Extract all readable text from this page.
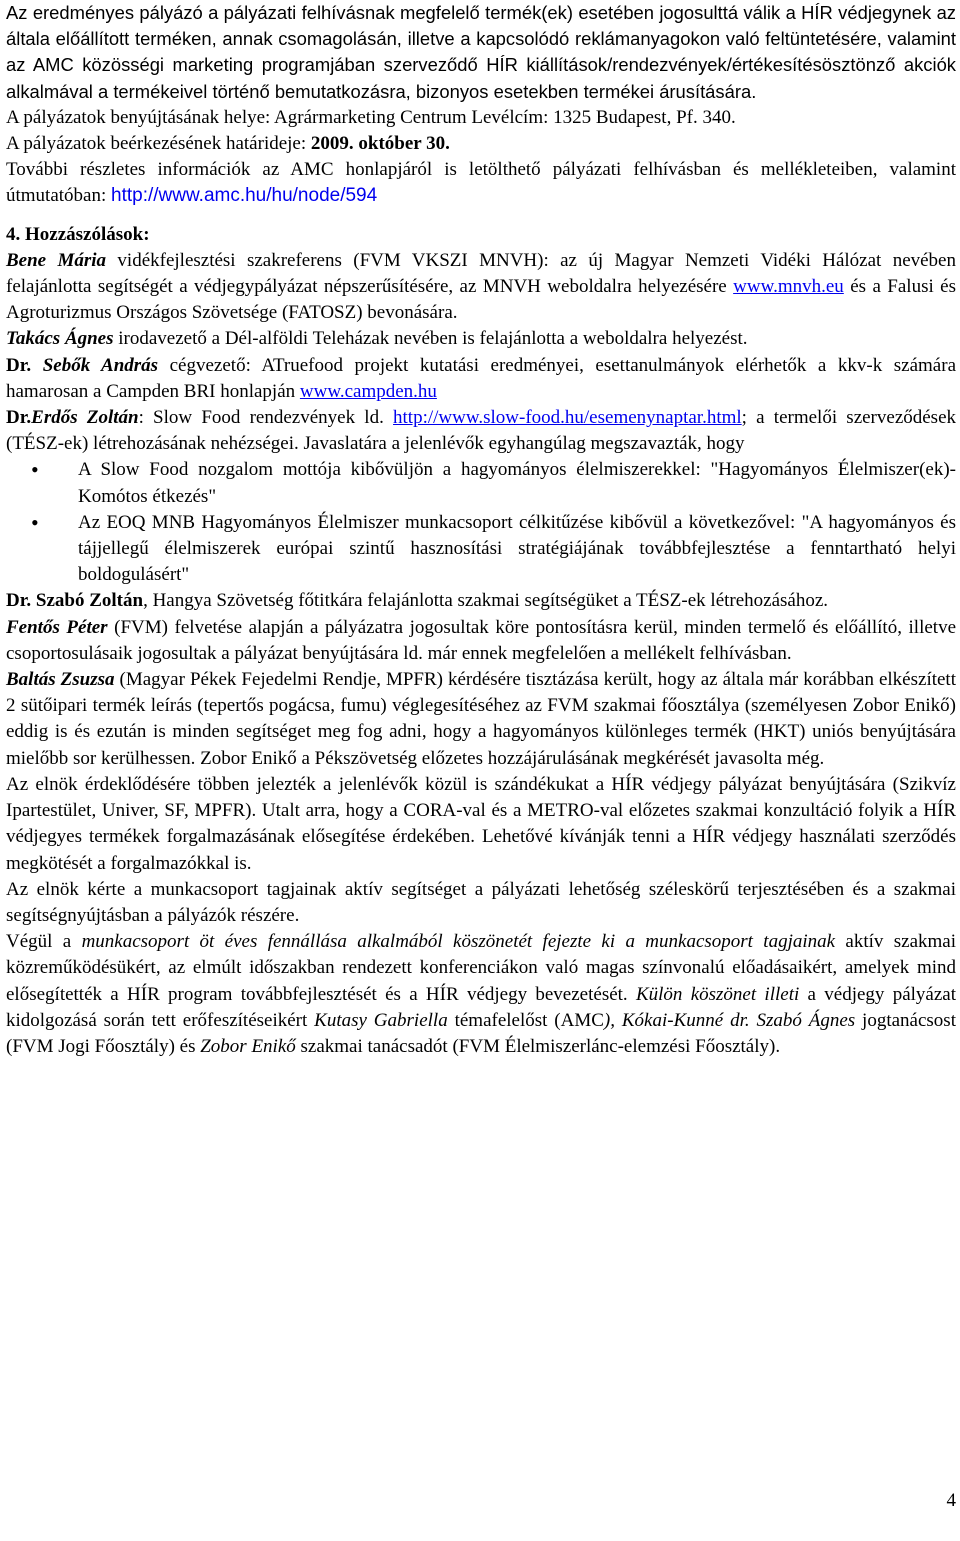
Az eredményes pályázó a pályázati felhívásnak megfelelő termék(ek) esetében jogosulttá válik a HÍR védjegynek az általa előállított terméken, annak csomagolásán, illetve a kapcsolódó reklámanyagokon való feltüntetésére, valamint az AMC közösségi marketing programjában szerveződő HÍR kiállítások/rendezvények/értékesítésösztönző akciók alkalmával a termékeivel történő bemutatkozásra, bizonyos esetekben termékei árusítására.

A pályázatok benyújtásának helye: Agrármarketing Centrum Levélcím: 1325 Budapest, Pf. 340.

A pályázatok beérkezésének határideje: 2009. október 30.

További részletes információk az AMC honlapjáról is letölthető pályázati felhívásban és mellékleteiben, valamint útmutatóban: http://www.amc.hu/hu/node/594

4. Hozzászólások:

Bene Mária vidékfejlesztési szakreferens (FVM VKSZI MNVH): az új Magyar Nemzeti Vidéki Hálózat nevében felajánlotta segítségét a védjegypályázat népszerűsítésére, az MNVH weboldalra helyezésére www.mnvh.eu és a Falusi és Agroturizmus Országos Szövetsége (FATOSZ) bevonására.

Takács Ágnes irodavezető a Dél-alföldi Teleházak nevében is felajánlotta a weboldalra helyezést.

Dr. Sebők András cégvezető: ATruefood projekt kutatási eredményei, esettanulmányok elérhetők a kkv-k számára hamarosan a Campden BRI honlapján www.campden.hu

Dr.Erdős Zoltán: Slow Food rendezvények ld. http://www.slow-food.hu/esemenynaptar.html; a termelői szerveződések (TÉSZ-ek) létrehozásának nehézségei. Javaslatára a jelenlévők egyhangúlag megszavazták, hogy

• A Slow Food nozgalom mottója kibővüljön a hagyományos élelmiszerekkel: "Hagyományos Élelmiszer(ek)- Komótos étkezés"
• Az EOQ MNB Hagyományos Élelmiszer munkacsoport célkitűzése kibővül a következővel: "A hagyományos és tájjellegű élelmiszerek európai szintű hasznosítási stratégiájának továbbfejlesztése a fenntartható helyi boldogulásért"

Dr. Szabó Zoltán, Hangya Szövetség főtitkára felajánlotta szakmai segítségüket a TÉSZ-ek létrehozásához.

Fentős Péter (FVM) felvetése alapján a pályázatra jogosultak köre pontosításra kerül, minden termelő és előállító, illetve csoportosulásaik jogosultak a pályázat benyújtására ld. már ennek megfelelően a mellékelt felhívásban.

Baltás Zsuzsa (Magyar Pékek Fejedelmi Rendje, MPFR) kérdésére tisztázása került, hogy az általa már korábban elkészített 2 sütőipari termék leírás (tepertős pogácsa, fumu) véglegesítéséhez az FVM szakmai főosztálya (személyesen Zobor Enikő) eddig is és ezután is minden segítséget meg fog adni, hogy a hagyományos különleges termék (HKT) uniós benyújtására mielőbb sor kerülhessen. Zobor Enikő a Pékszövetség előzetes hozzájárulásának megkérését javasolta még.

Az elnök érdeklődésére többen jelezték a jelenlévők közül is szándékukat a HÍR védjegy pályázat benyújtására (Szikvíz Ipartestület, Univer, SF, MPFR). Utalt arra, hogy a CORA-val és a METRO-val előzetes szakmai konzultáció folyik a HÍR védjegyes termékek forgalmazásának elősegítése érdekében. Lehetővé kívánják tenni a HÍR védjegy használati szerződés megkötését a forgalmazókkal is.

Az elnök kérte a munkacsoport tagjainak aktív segítséget a pályázati lehetőség széleskörű terjesztésében és a szakmai segítségnyújtásban a pályázók részére.

Végül a munkacsoport öt éves fennállása alkalmából köszönetét fejezte ki a munkacsoport tagjainak aktív szakmai közreműködésükért, az elmúlt időszakban rendezett konferenciákon való magas színvonalú előadásaikért, amelyek mind elősegítették a HÍR program továbbfejlesztését és a HÍR védjegy bevezetését. Külön köszönet illeti a védjegy pályázat kidolgozásá során tett erőfeszítéseikért Kutasy Gabriella témafelelőst (AMC), Kókai-Kunné dr. Szabó Ágnes jogtanácsost (FVM Jogi Főosztály) és Zobor Enikő szakmai tanácsadót (FVM Élelmiszerlánc-elemzési Főosztály).

4
